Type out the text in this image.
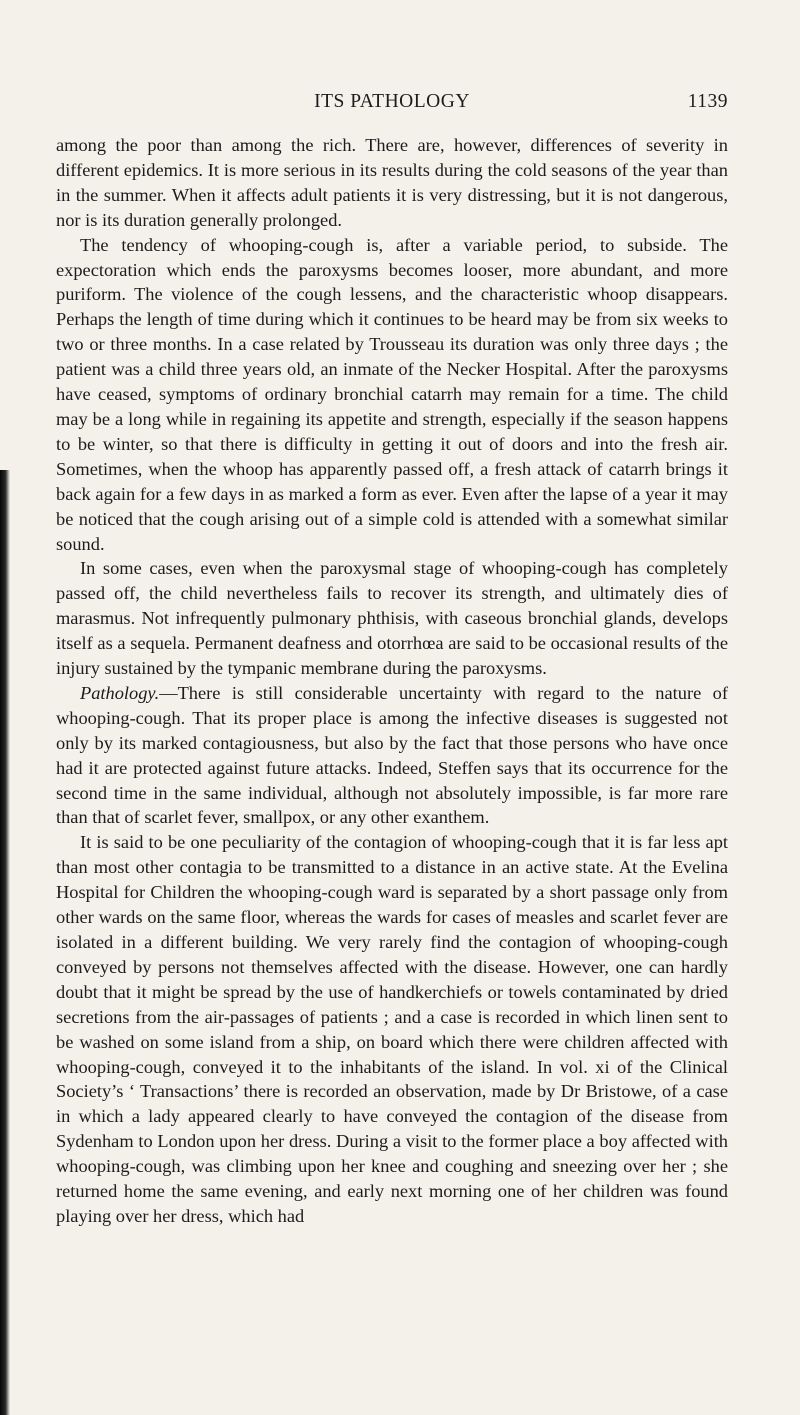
ITS PATHOLOGY	1139

among the poor than among the rich. There are, however, differences of severity in different epidemics. It is more serious in its results during the cold seasons of the year than in the summer. When it affects adult patients it is very distressing, but it is not dangerous, nor is its duration generally prolonged.

The tendency of whooping-cough is, after a variable period, to subside. The expectoration which ends the paroxysms becomes looser, more abundant, and more puriform. The violence of the cough lessens, and the characteristic whoop disappears. Perhaps the length of time during which it continues to be heard may be from six weeks to two or three months. In a case related by Trousseau its duration was only three days ; the patient was a child three years old, an inmate of the Necker Hospital. After the paroxysms have ceased, symptoms of ordinary bronchial catarrh may remain for a time. The child may be a long while in regaining its appetite and strength, especially if the season happens to be winter, so that there is difficulty in getting it out of doors and into the fresh air. Sometimes, when the whoop has apparently passed off, a fresh attack of catarrh brings it back again for a few days in as marked a form as ever. Even after the lapse of a year it may be noticed that the cough arising out of a simple cold is attended with a somewhat similar sound.

In some cases, even when the paroxysmal stage of whooping-cough has completely passed off, the child nevertheless fails to recover its strength, and ultimately dies of marasmus. Not infrequently pulmonary phthisis, with caseous bronchial glands, develops itself as a sequela. Permanent deafness and otorrhœa are said to be occasional results of the injury sustained by the tympanic membrane during the paroxysms.

Pathology.—There is still considerable uncertainty with regard to the nature of whooping-cough. That its proper place is among the infective diseases is suggested not only by its marked contagiousness, but also by the fact that those persons who have once had it are protected against future attacks. Indeed, Steffen says that its occurrence for the second time in the same individual, although not absolutely impossible, is far more rare than that of scarlet fever, smallpox, or any other exanthem.

It is said to be one peculiarity of the contagion of whooping-cough that it is far less apt than most other contagia to be transmitted to a distance in an active state. At the Evelina Hospital for Children the whooping-cough ward is separated by a short passage only from other wards on the same floor, whereas the wards for cases of measles and scarlet fever are isolated in a different building. We very rarely find the contagion of whooping-cough conveyed by persons not themselves affected with the disease. However, one can hardly doubt that it might be spread by the use of handkerchiefs or towels contaminated by dried secretions from the air-passages of patients ; and a case is recorded in which linen sent to be washed on some island from a ship, on board which there were children affected with whooping-cough, conveyed it to the inhabitants of the island. In vol. xi of the Clinical Society’s ‘ Transactions’ there is recorded an observation, made by Dr Bristowe, of a case in which a lady appeared clearly to have conveyed the contagion of the disease from Sydenham to London upon her dress. During a visit to the former place a boy affected with whooping-cough, was climbing upon her knee and coughing and sneezing over her ; she returned home the same evening, and early next morning one of her children was found playing over her dress, which had
